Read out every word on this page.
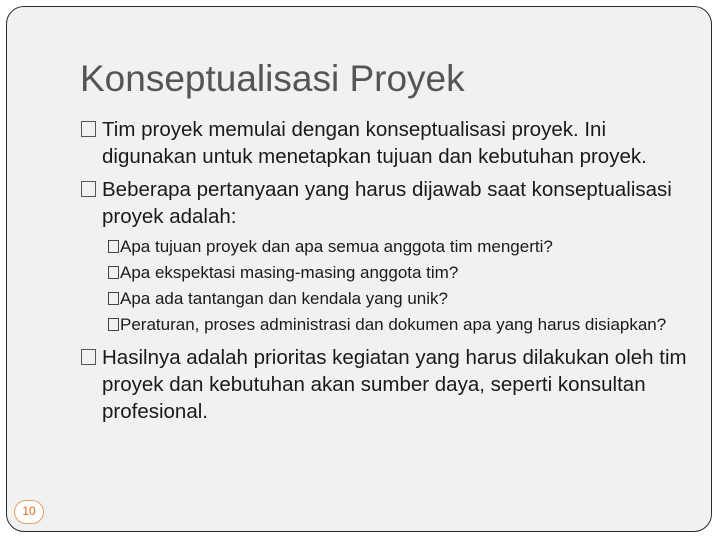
Konseptualisasi Proyek
Tim proyek memulai dengan konseptualisasi proyek. Ini digunakan untuk menetapkan tujuan dan kebutuhan proyek.
Beberapa pertanyaan yang harus dijawab saat konseptualisasi proyek adalah:
Apa tujuan proyek dan apa semua anggota tim mengerti?
Apa ekspektasi masing-masing anggota tim?
Apa ada tantangan dan kendala yang unik?
Peraturan, proses administrasi dan dokumen apa yang harus disiapkan?
Hasilnya adalah prioritas kegiatan yang harus dilakukan oleh tim proyek dan kebutuhan akan sumber daya, seperti konsultan profesional.
10
